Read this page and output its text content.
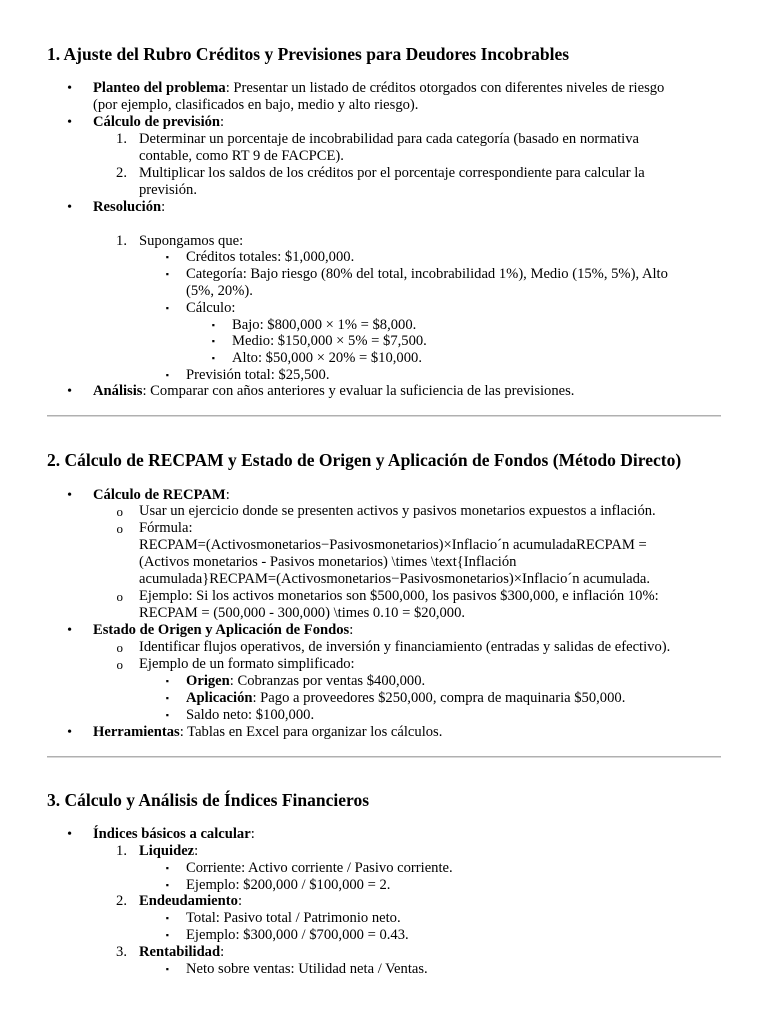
1. Ajuste del Rubro Créditos y Previsiones para Deudores Incobrables
• Planteo del problema: Presentar un listado de créditos otorgados con diferentes niveles de riesgo
(por ejemplo, clasificados en bajo, medio y alto riesgo).
• Cálculo de previsión:
1. Determinar un porcentaje de incobrabilidad para cada categoría (basado en normativa
contable, como RT 9 de FACPCE).
2. Multiplicar los saldos de los créditos por el porcentaje correspondiente para calcular la
previsión.
• Resolución:
1. Supongamos que:
▪ Créditos totales: $1,000,000.
▪ Categoría: Bajo riesgo (80% del total, incobrabilidad 1%), Medio (15%, 5%), Alto
(5%, 20%).
▪ Cálculo:
▪ Bajo: $800,000 × 1% = $8,000.
▪ Medio: $150,000 × 5% = $7,500.
▪ Alto: $50,000 × 20% = $10,000.
▪ Previsión total: $25,500.
• Análisis: Comparar con años anteriores y evaluar la suficiencia de las previsiones.
2. Cálculo de RECPAM y Estado de Origen y Aplicación de Fondos (Método Directo)
• Cálculo de RECPAM:
o Usar un ejercicio donde se presenten activos y pasivos monetarios expuestos a inflación.
o Fórmula:
RECPAM=(Activosmonetarios−Pasivosmonetarios)×Inflacio´n acumuladaRECPAM =
(Activos monetarios - Pasivos monetarios) \times \text{Inflación
acumulada}RECPAM=(Activosmonetarios−Pasivosmonetarios)×Inflacio´n acumulada.
o Ejemplo: Si los activos monetarios son $500,000, los pasivos $300,000, e inflación 10%:
RECPAM = (500,000 - 300,000) \times 0.10 = $20,000.
• Estado de Origen y Aplicación de Fondos:
o Identificar flujos operativos, de inversión y financiamiento (entradas y salidas de efectivo).
o Ejemplo de un formato simplificado:
▪ Origen: Cobranzas por ventas $400,000.
▪ Aplicación: Pago a proveedores $250,000, compra de maquinaria $50,000.
▪ Saldo neto: $100,000.
• Herramientas: Tablas en Excel para organizar los cálculos.
3. Cálculo y Análisis de Índices Financieros
• Índices básicos a calcular:
1. Liquidez:
▪ Corriente: Activo corriente / Pasivo corriente.
▪ Ejemplo: $200,000 / $100,000 = 2.
2. Endeudamiento:
▪ Total: Pasivo total / Patrimonio neto.
▪ Ejemplo: $300,000 / $700,000 = 0.43.
3. Rentabilidad:
▪ Neto sobre ventas: Utilidad neta / Ventas.
